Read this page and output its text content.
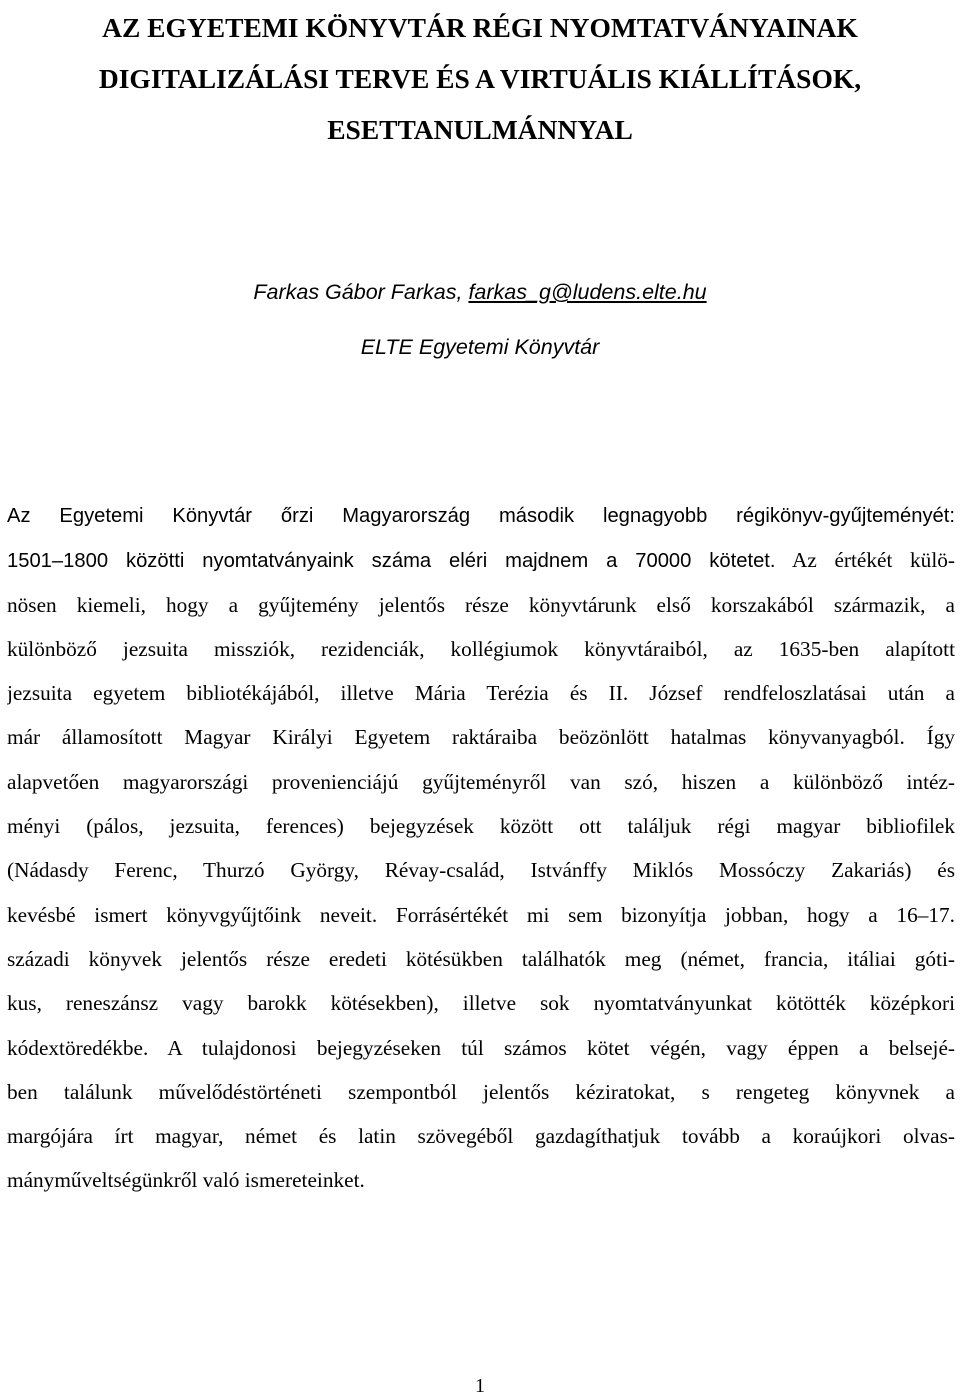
AZ EGYETEMI KÖNYVTÁR RÉGI NYOMTATVÁNYAINAK
DIGITALIZÁLÁSI TERVE ÉS A VIRTUÁLIS KIÁLLÍTÁSOK,
ESETTANULMÁNNYAL
Farkas Gábor Farkas, farkas_g@ludens.elte.hu
ELTE Egyetemi Könyvtár
Az Egyetemi Könyvtár őrzi Magyarország második legnagyobb régikönyv-gyűjteményét:
1501–1800 közötti nyomtatványaink száma eléri majdnem a 70000 kötetet. Az értékét külö-
nösen kiemeli, hogy a gyűjtemény jelentős része könyvtárunk első korszakából származik, a
különböző jezsuita missziók, rezidenciák, kollégiumok könyvtáraiból, az 1635-ben alapított
jezsuita egyetem bibliotékájából, illetve Mária Terézia és II. József rendfeloszlatásai után a
már államosított Magyar Királyi Egyetem raktáraiba beözönlött hatalmas könyvanyagból. Így
alapvetően magyarországi provenienciájú gyűjteményről van szó, hiszen a különböző intéz-
ményi (pálos, jezsuita, ferences) bejegyzések között ott találjuk régi magyar bibliofilek
(Nádasdy Ferenc, Thurzó György, Révay-család, Istvánffy Miklós Mossóczy Zakariás) és
kevésbé ismert könyvgyűjtőink neveit. Forrásértékét mi sem bizonyítja jobban, hogy a 16–17.
századi könyvek jelentős része eredeti kötésükben találhatók meg (német, francia, itáliai góti-
kus, reneszánsz vagy barokk kötésekben), illetve sok nyomtatványunkat kötötték középkori
kódextöredékbe. A tulajdonosi bejegyzéseken túl számos kötet végén, vagy éppen a belsejé-
ben találunk művelődéstörténeti szempontból jelentős kéziratokat, s rengeteg könyvnek a
margójára írt magyar, német és latin szövegéből gazdagíthatjuk tovább a koraújkori olvas-
mányműveltségünkről való ismereteinket.
1
